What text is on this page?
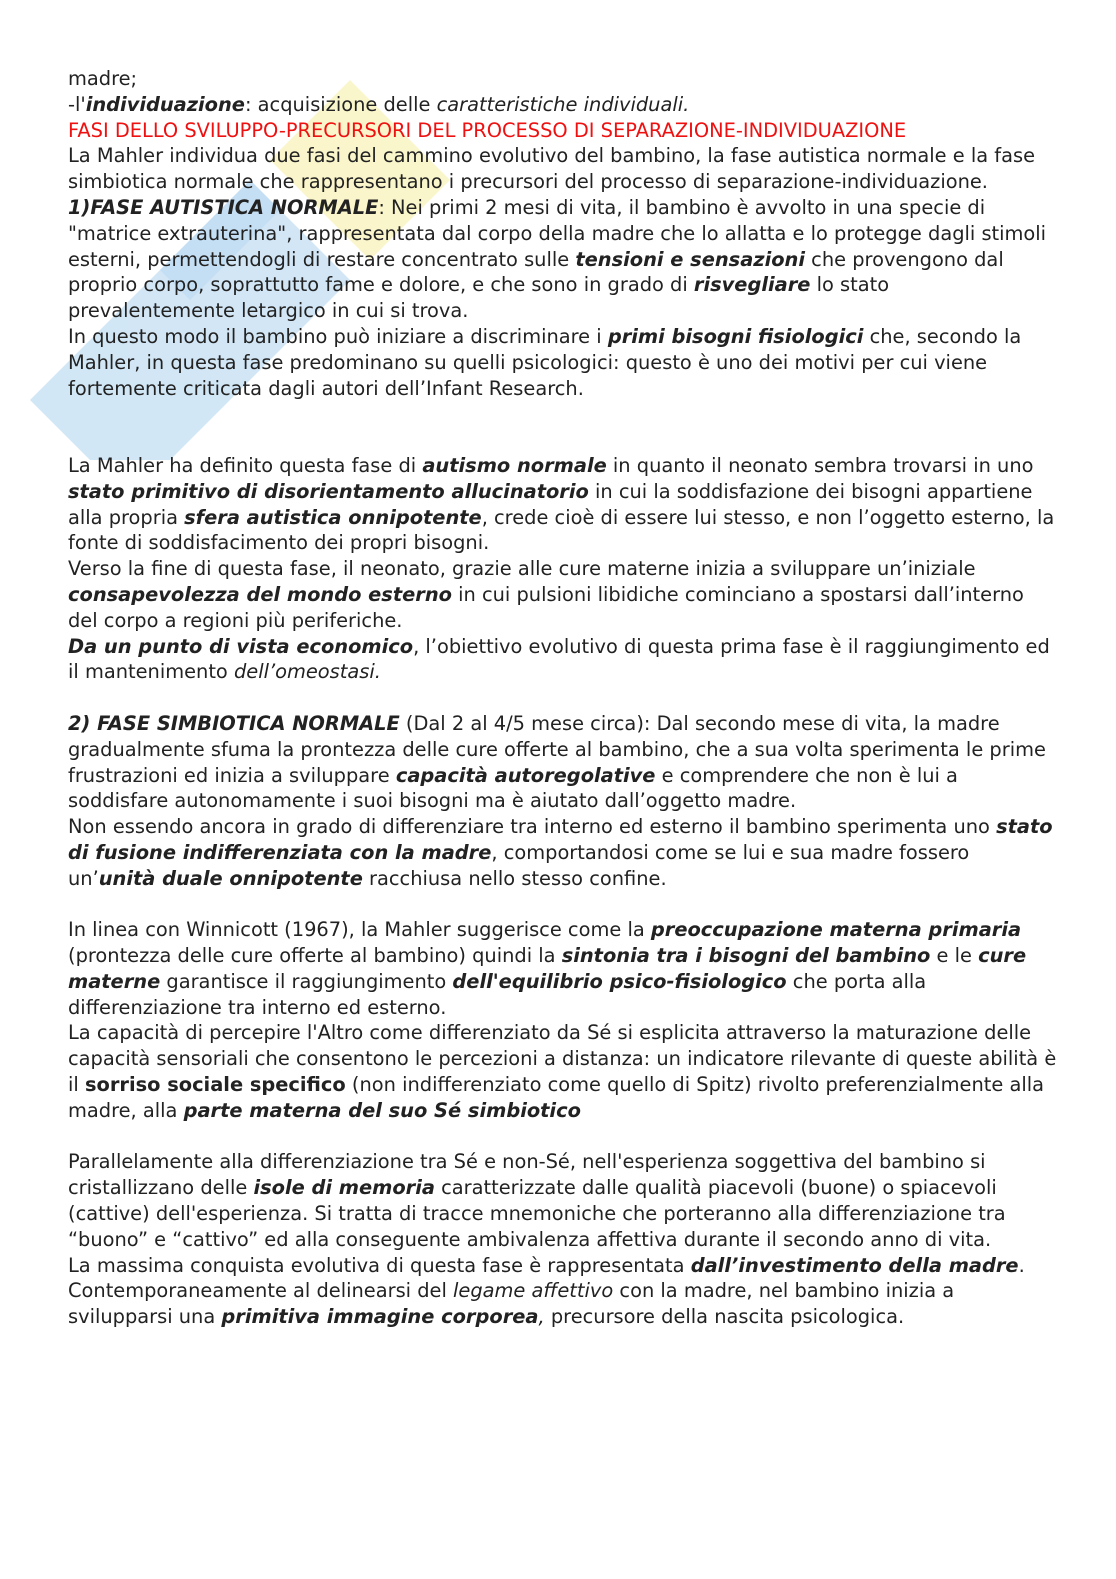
madre;

-l'individuazione: acquisizione delle caratteristiche individuali.

FASI DELLO SVILUPPO-PRECURSORI DEL PROCESSO DI SEPARAZIONE-INDIVIDUAZIONE

La Mahler individua due fasi del cammino evolutivo del bambino, la fase autistica normale e la fase simbiotica normale che rappresentano i precursori del processo di separazione-individuazione.

1)FASE AUTISTICA NORMALE: Nei primi 2 mesi di vita, il bambino è avvolto in una specie di "matrice extrauterina", rappresentata dal corpo della madre che lo allatta e lo protegge dagli stimoli esterni, permettendogli di restare concentrato sulle tensioni e sensazioni che provengono dal proprio corpo, soprattutto fame e dolore, e che sono in grado di risvegliare lo stato prevalentemente letargico in cui si trova.

In questo modo il bambino può iniziare a discriminare i primi bisogni fisiologici che, secondo la Mahler, in questa fase predominano su quelli psicologici: questo è uno dei motivi per cui viene fortemente criticata dagli autori dell’Infant Research.

La Mahler ha definito questa fase di autismo normale in quanto il neonato sembra trovarsi in uno stato primitivo di disorientamento allucinatorio in cui la soddisfazione dei bisogni appartiene alla propria sfera autistica onnipotente, crede cioè di essere lui stesso, e non l’oggetto esterno, la fonte di soddisfacimento dei propri bisogni.

Verso la fine di questa fase, il neonato, grazie alle cure materne inizia a sviluppare un’iniziale consapevolezza del mondo esterno in cui pulsioni libidiche cominciano a spostarsi dall’interno del corpo a regioni più periferiche.

Da un punto di vista economico, l’obiettivo evolutivo di questa prima fase è il raggiungimento ed il mantenimento dell’omeostasi.

2) FASE SIMBIOTICA NORMALE (Dal 2 al 4/5 mese circa): Dal secondo mese di vita, la madre gradualmente sfuma la prontezza delle cure offerte al bambino, che a sua volta sperimenta le prime frustrazioni ed inizia a sviluppare capacità autoregolative e comprendere che non è lui a soddisfare autonomamente i suoi bisogni ma è aiutato dall’oggetto madre.

Non essendo ancora in grado di differenziare tra interno ed esterno il bambino sperimenta uno stato di fusione indifferenziata con la madre, comportandosi come se lui e sua madre fossero un’unità duale onnipotente racchiusa nello stesso confine.

In linea con Winnicott (1967), la Mahler suggerisce come la preoccupazione materna primaria (prontezza delle cure offerte al bambino) quindi la sintonia tra i bisogni del bambino e le cure materne garantisce il raggiungimento dell'equilibrio psico-fisiologico che porta alla differenziazione tra interno ed esterno.

La capacità di percepire l'Altro come differenziato da Sé si esplicita attraverso la maturazione delle capacità sensoriali che consentono le percezioni a distanza: un indicatore rilevante di queste abilità è il sorriso sociale specifico (non indifferenziato come quello di Spitz) rivolto preferenzialmente alla madre, alla parte materna del suo Sé simbiotico

Parallelamente alla differenziazione tra Sé e non-Sé, nell'esperienza soggettiva del bambino si cristallizzano delle isole di memoria caratterizzate dalle qualità piacevoli (buone) o spiacevoli (cattive) dell'esperienza. Si tratta di tracce mnemoniche che porteranno alla differenziazione tra “buono” e “cattivo” ed alla conseguente ambivalenza affettiva durante il secondo anno di vita.

La massima conquista evolutiva di questa fase è rappresentata dall’investimento della madre. Contemporaneamente al delinearsi del legame affettivo con la madre, nel bambino inizia a svilupparsi una primitiva immagine corporea, precursore della nascita psicologica.
